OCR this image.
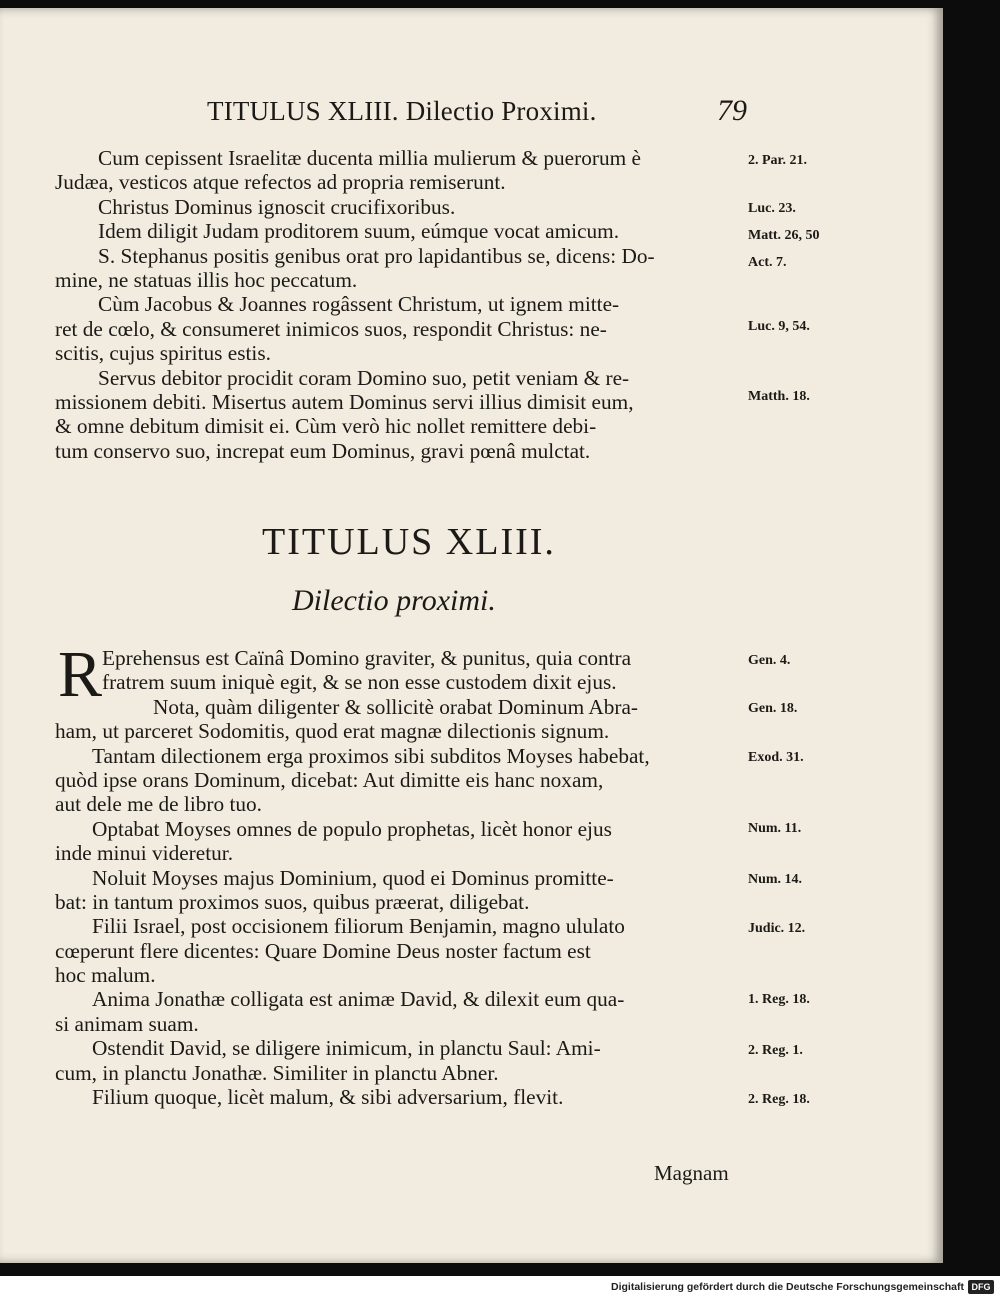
TITULUS XLIII. Dilectio Proximi.	79
Cum cepissent Israelitæ ducenta millia mulierum & puerorum è
Judæa, vesticos atque refectos ad propria remiserunt.
Christus Dominus ignoscit crucifixoribus.
Idem diligit Judam proditorem suum, eúmque vocat amicum.
S. Stephanus positis genibus orat pro lapidantibus se, dicens: Do-
mine, ne statuas illis hoc peccatum.
Cùm Jacobus & Joannes rogâssent Christum, ut ignem mitte-
ret de cœlo, & consumeret inimicos suos, respondit Christus: ne-
scitis, cujus spiritus estis.
Servus debitor procidit coram Domino suo, petit veniam & re-
missionem debiti. Misertus autem Dominus servi illius dimisit eum,
& omne debitum dimisit ei. Cùm verò hic nollet remittere debi-
tum conservo suo, increpat eum Dominus, gravi pœnâ mulctat.
TITULUS XLIII.
Dilectio proximi.
R Eprehensus est Caïnâ Domino graviter, & punitus, quia contra
fratrem suum iniquè egit, & se non esse custodem dixit ejus.
Nota, quàm diligenter & sollicitè orabat Dominum Abra-
ham, ut parceret Sodomitis, quod erat magnæ dilectionis signum.
Tantam dilectionem erga proximos sibi subditos Moyses habebat,
quòd ipse orans Dominum, dicebat: Aut dimitte eis hanc noxam,
aut dele me de libro tuo.
Optabat Moyses omnes de populo prophetas, licèt honor ejus
inde minui videretur.
Noluit Moyses majus Dominium, quod ei Dominus promitte-
bat: in tantum proximos suos, quibus præerat, diligebat.
Filii Israel, post occisionem filiorum Benjamin, magno ululato
cœperunt flere dicentes: Quare Domine Deus noster factum est
hoc malum.
Anima Jonathæ colligata est animæ David, & dilexit eum qua-
si animam suam.
Ostendit David, se diligere inimicum, in planctu Saul: Ami-
cum, in planctu Jonathæ. Similiter in planctu Abner.
Filium quoque, licèt malum, & sibi adversarium, flevit.
2. Par. 21.
Luc. 23.
Matt. 26, 50
Act. 7.
Luc. 9, 54.
Matth. 18.
Gen. 4.
Gen. 18.
Exod. 31.
Num. 11.
Num. 14.
Judic. 12.
1. Reg. 18.
2. Reg. 1.
2. Reg. 18.
Magnam
Digitalisierung gefördert durch die Deutsche Forschungsgemeinschaft DFG
